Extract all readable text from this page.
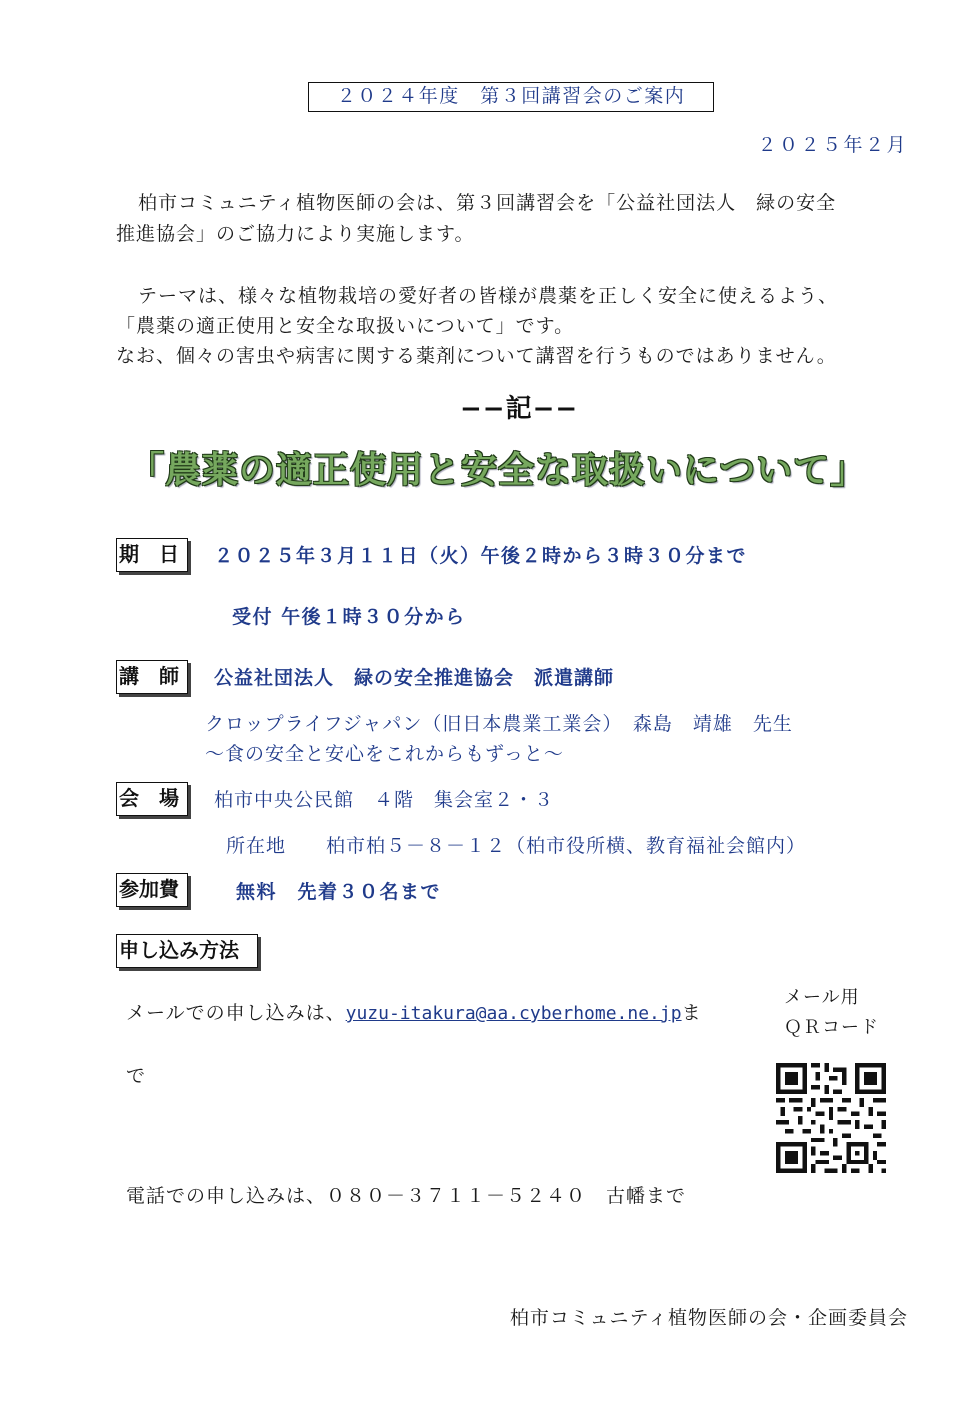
２０２４年度　第３回講習会のご案内
２０２５年２月
柏市コミュニティ植物医師の会は、第３回講習会を「公益社団法人　緑の安全
推進協会」のご協力により実施します。
テーマは、様々な植物栽培の愛好者の皆様が農薬を正しく安全に使えるよう、
「農薬の適正使用と安全な取扱いについて」です。
なお、個々の害虫や病害に関する薬剤について講習を行うものではありません。
−−記−−
「農薬の適正使用と安全な取扱いについて」
期　日	２０２５年３月１１日（火）午後２時から３時３０分まで
受付 午後１時３０分から
講　師	公益社団法人　緑の安全推進協会　派遣講師
クロップライフジャパン（旧日本農業工業会）　森島　靖雄　先生
～食の安全と安心をこれからもずっと～
会　場	柏市中央公民館　４階　集会室２・３
所在地　　柏市柏５－８－１２（柏市役所横、教育福祉会館内）
参加費	無料　先着３０名まで
申し込み方法
メールでの申し込みは、yuzu-itakura@aa.cyberhome.ne.jpま
で
メール用
ＱＲコード
電話での申し込みは、０８０－３７１１－５２４０　古幡まで
柏市コミュニティ植物医師の会・企画委員会
